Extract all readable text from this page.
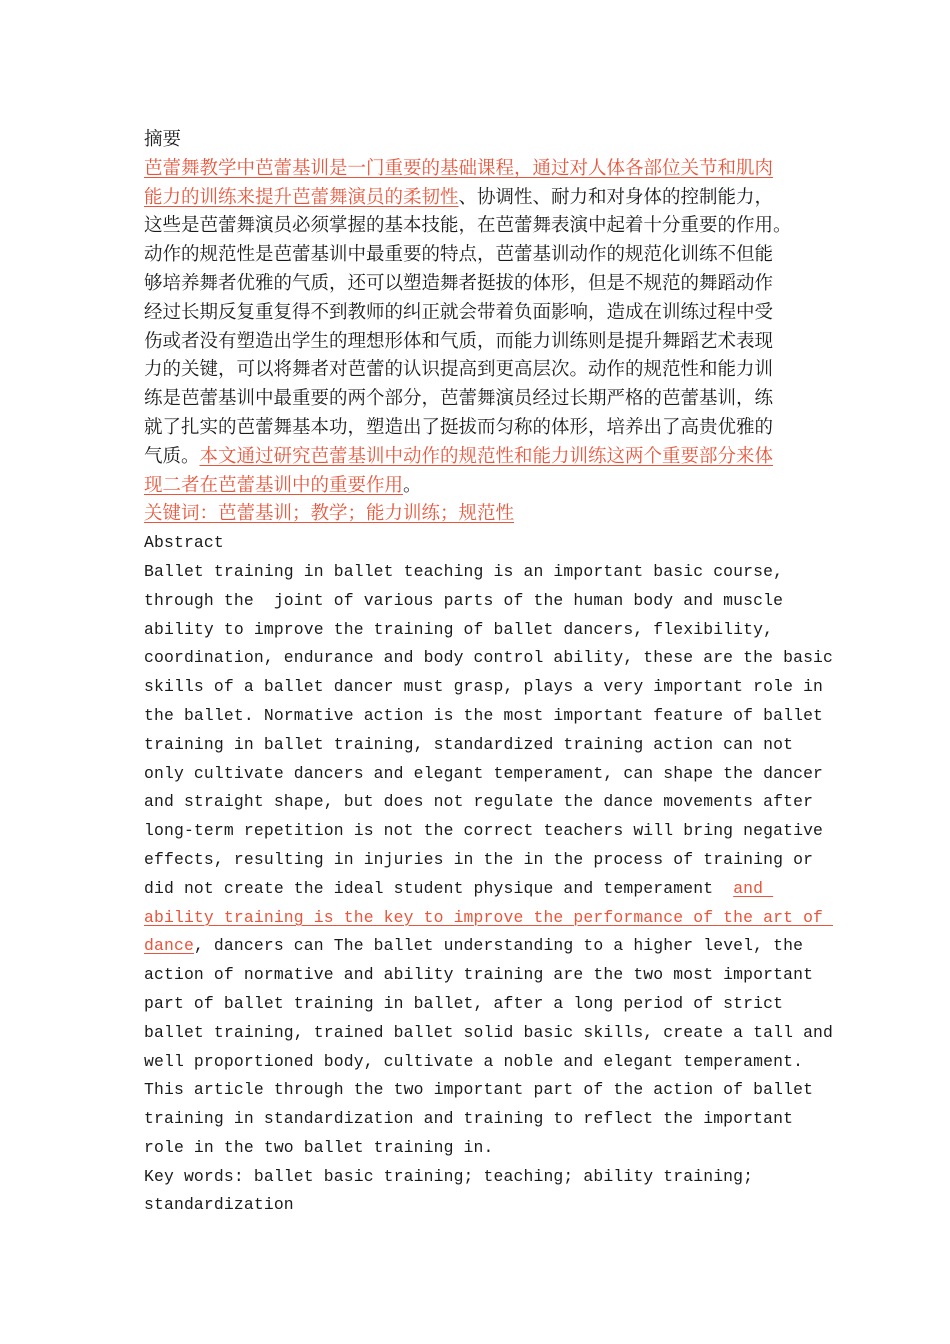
摘要
芭蕾舞教学中芭蕾基训是一门重要的基础课程，通过对人体各部位关节和肌肉
能力的训练来提升芭蕾舞演员的柔韧性、协调性、耐力和对身体的控制能力，
这些是芭蕾舞演员必须掌握的基本技能，在芭蕾舞表演中起着十分重要的作用。
动作的规范性是芭蕾基训中最重要的特点，芭蕾基训动作的规范化训练不但能
够培养舞者优雅的气质，还可以塑造舞者挺拔的体形，但是不规范的舞蹈动作
经过长期反复重复得不到教师的纠正就会带着负面影响，造成在训练过程中受
伤或者没有塑造出学生的理想形体和气质，而能力训练则是提升舞蹈艺术表现
力的关键，可以将舞者对芭蕾的认识提高到更高层次。动作的规范性和能力训
练是芭蕾基训中最重要的两个部分，芭蕾舞演员经过长期严格的芭蕾基训，练
就了扎实的芭蕾舞基本功，塑造出了挺拔而匀称的体形，培养出了高贵优雅的
气质。本文通过研究芭蕾基训中动作的规范性和能力训练这两个重要部分来体
现二者在芭蕾基训中的重要作用。
关键词：芭蕾基训；教学；能力训练；规范性
Abstract
Ballet training in ballet teaching is an important basic course,
through the  joint of various parts of the human body and muscle
ability to improve the training of ballet dancers, flexibility,
coordination, endurance and body control ability, these are the basic
skills of a ballet dancer must grasp, plays a very important role in
the ballet. Normative action is the most important feature of ballet
training in ballet training, standardized training action can not
only cultivate dancers and elegant temperament, can shape the dancer
and straight shape, but does not regulate the dance movements after
long-term repetition is not the correct teachers will bring negative
effects, resulting in injuries in the in the process of training or
did not create the ideal student physique and temperament  and
ability training is the key to improve the performance of the art of
dance, dancers can The ballet understanding to a higher level, the
action of normative and ability training are the two most important
part of ballet training in ballet, after a long period of strict
ballet training, trained ballet solid basic skills, create a tall and
well proportioned body, cultivate a noble and elegant temperament.
This article through the two important part of the action of ballet
training in standardization and training to reflect the important
role in the two ballet training in.
Key words: ballet basic training; teaching; ability training;
standardization
